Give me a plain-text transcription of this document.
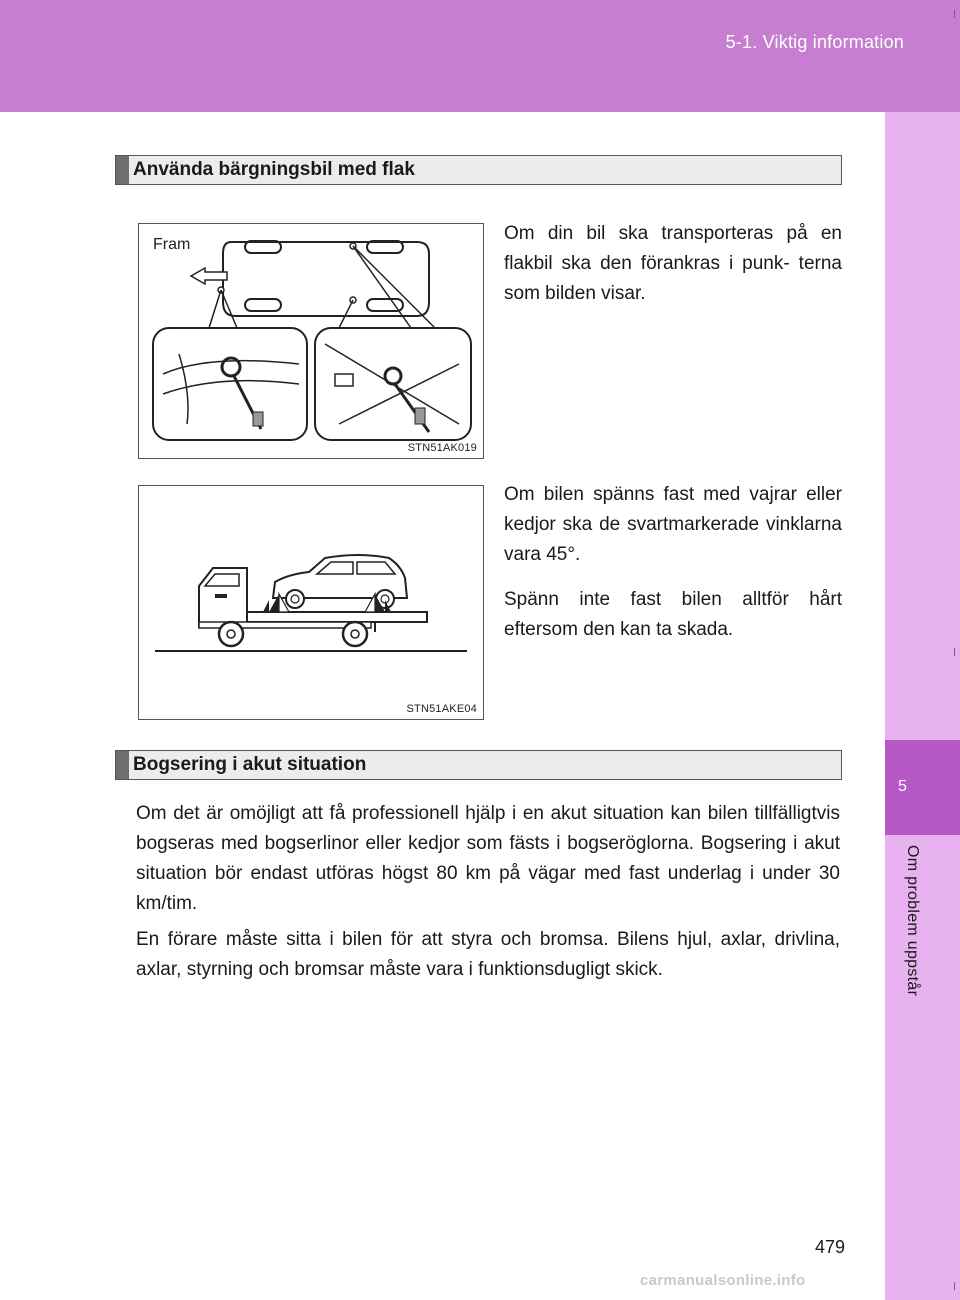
5-1. Viktig information
5
Om problem uppstår
Använda bärgningsbil med flak
Fram
STN51AK019
Om din bil ska transporteras på en flakbil ska den förankras i punk- terna som bilden visar.
STN51AKE04
Om bilen spänns fast med vajrar eller kedjor ska de svartmarkerade vinklarna vara 45°.
Spänn inte fast bilen alltför hårt eftersom den kan ta skada.
Bogsering i akut situation
Om det är omöjligt att få professionell hjälp i en akut situation kan bilen tillfälligtvis bogseras med bogserlinor eller kedjor som fästs i bogseröglorna. Bogsering i akut situation bör endast utföras högst 80 km på vägar med fast underlag i under 30 km/tim.
En förare måste sitta i bilen för att styra och bromsa. Bilens hjul, axlar, drivlina, axlar, styrning och bromsar måste vara i funktionsdugligt skick.
479
carmanualsonline.info
